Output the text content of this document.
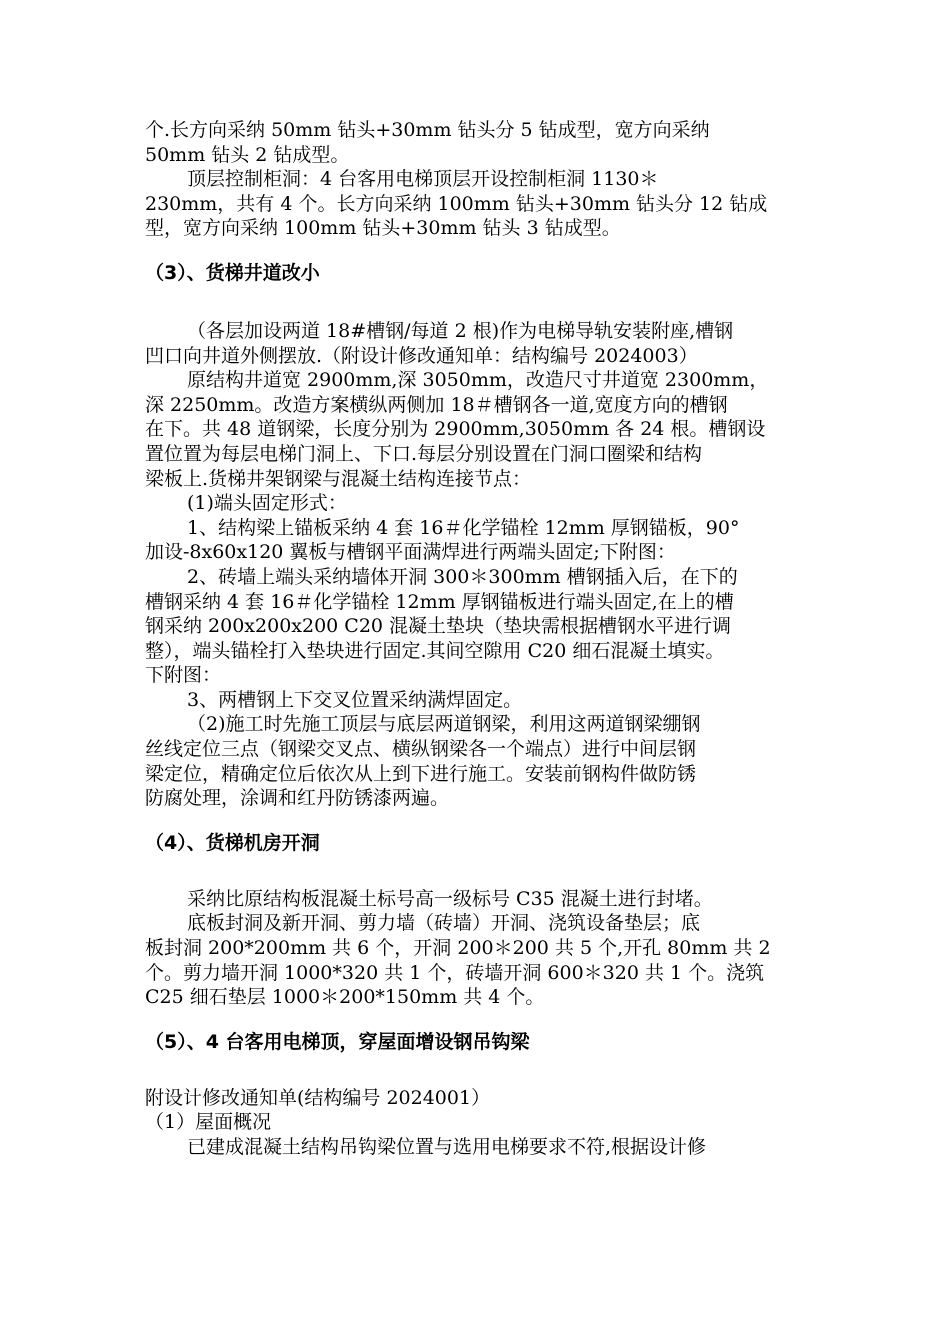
个.长方向采纳 50mm 钻头+30mm 钻头分 5 钻成型，宽方向采纳
50mm 钻头 2 钻成型。

顶层控制柜洞：4 台客用电梯顶层开设控制柜洞 1130＊
230mm，共有 4 个。长方向采纳 100mm 钻头+30mm 钻头分 12 钻成
型，宽方向采纳 100mm 钻头+30mm 钻头 3 钻成型。

（3）、货梯井道改小

（各层加设两道 18#槽钢/每道 2 根)作为电梯导轨安装附座,槽钢
凹口向井道外侧摆放.（附设计修改通知单：结构编号 2024003）
原结构井道宽 2900mm,深 3050mm，改造尺寸井道宽 2300mm，
深 2250mm。改造方案横纵两侧加 18＃槽钢各一道,宽度方向的槽钢
在下。共 48 道钢梁，长度分别为 2900mm,3050mm 各 24 根。槽钢设
置位置为每层电梯门洞上、下口.每层分别设置在门洞口圈梁和结构
梁板上.货梯井架钢梁与混凝土结构连接节点：
(1)端头固定形式：
1、结构梁上锚板采纳 4 套 16＃化学锚栓 12mm 厚钢锚板，90°
加设-8x60x120 翼板与槽钢平面满焊进行两端头固定;下附图：
2、砖墙上端头采纳墙体开洞 300＊300mm 槽钢插入后，在下的
槽钢采纳 4 套 16＃化学锚栓 12mm 厚钢锚板进行端头固定,在上的槽
钢采纳 200x200x200 C20 混凝土垫块（垫块需根据槽钢水平进行调
整），端头锚栓打入垫块进行固定.其间空隙用 C20 细石混凝土填实。
下附图：
3、两槽钢上下交叉位置采纳满焊固定。
（2)施工时先施工顶层与底层两道钢梁，利用这两道钢梁绷钢
丝线定位三点（钢梁交叉点、横纵钢梁各一个端点）进行中间层钢
梁定位，精确定位后依次从上到下进行施工。安装前钢构件做防锈
防腐处理，涂调和红丹防锈漆两遍。

（4）、货梯机房开洞

采纳比原结构板混凝土标号高一级标号 C35 混凝土进行封堵。
底板封洞及新开洞、剪力墙（砖墙）开洞、浇筑设备垫层；底
板封洞 200*200mm 共 6 个，开洞 200＊200 共 5 个,开孔 80mm 共 2
个。剪力墙开洞 1000*320 共 1 个，砖墙开洞 600＊320 共 1 个。浇筑
C25 细石垫层 1000＊200*150mm 共 4 个。

（5）、4 台客用电梯顶，穿屋面增设钢吊钩梁

附设计修改通知单(结构编号 2024001）
（1）屋面概况
已建成混凝土结构吊钩梁位置与选用电梯要求不符,根据设计修
